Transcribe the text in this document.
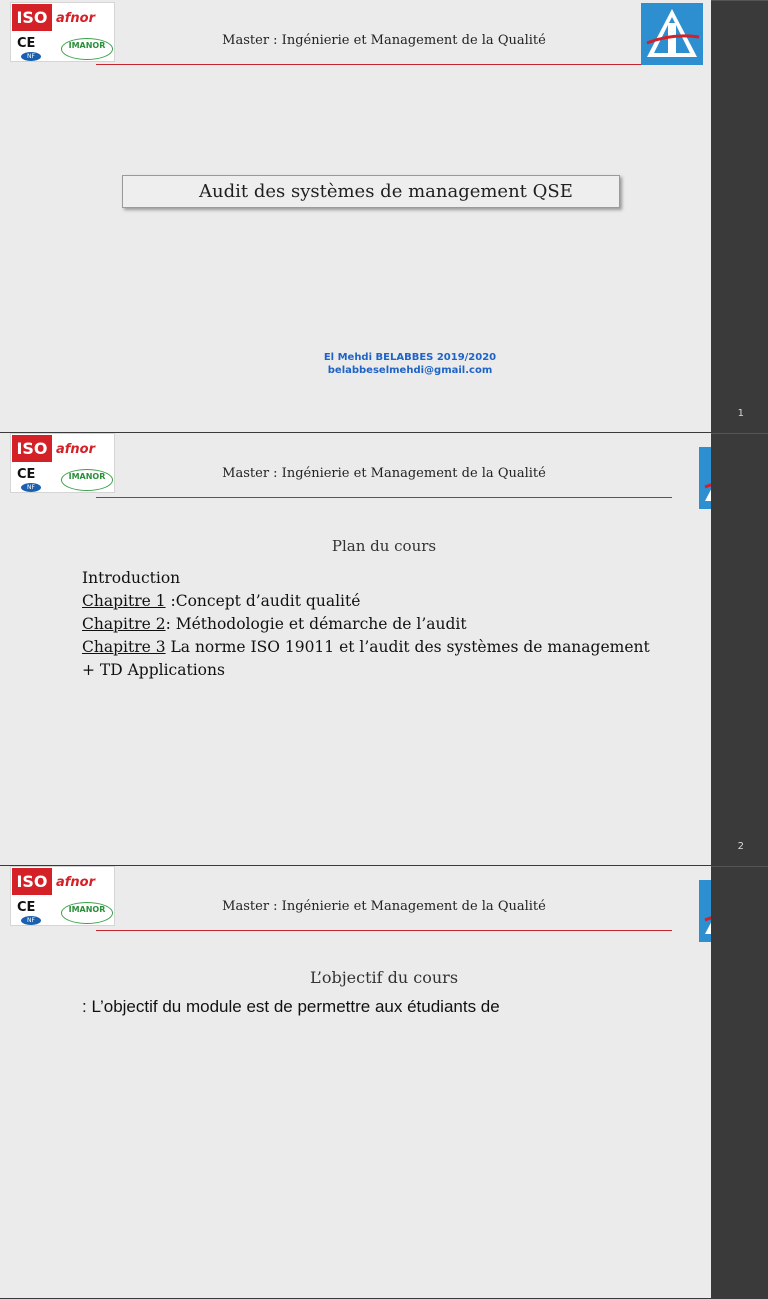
ISO afnor
CE
NF
IMANOR	Master : Ingénierie et Management de la Qualité
Audit des systèmes de management QSE
El Mehdi BELABBES 2019/2020
belabbeselmehdi@gmail.com
1
ISO afnor
CE
NF
IMANOR	Master : Ingénierie et Management de la Qualité
Plan du cours
Introduction
Chapitre 1 :Concept d’audit qualité
Chapitre 2: Méthodologie et démarche de l’audit
Chapitre 3 La norme ISO 19011 et l’audit des systèmes de management
+ TD Applications
2
ISO afnor
CE
NF
IMANOR	Master : Ingénierie et Management de la Qualité
L’objectif du cours
: L’objectif du module est de permettre aux étudiants de
